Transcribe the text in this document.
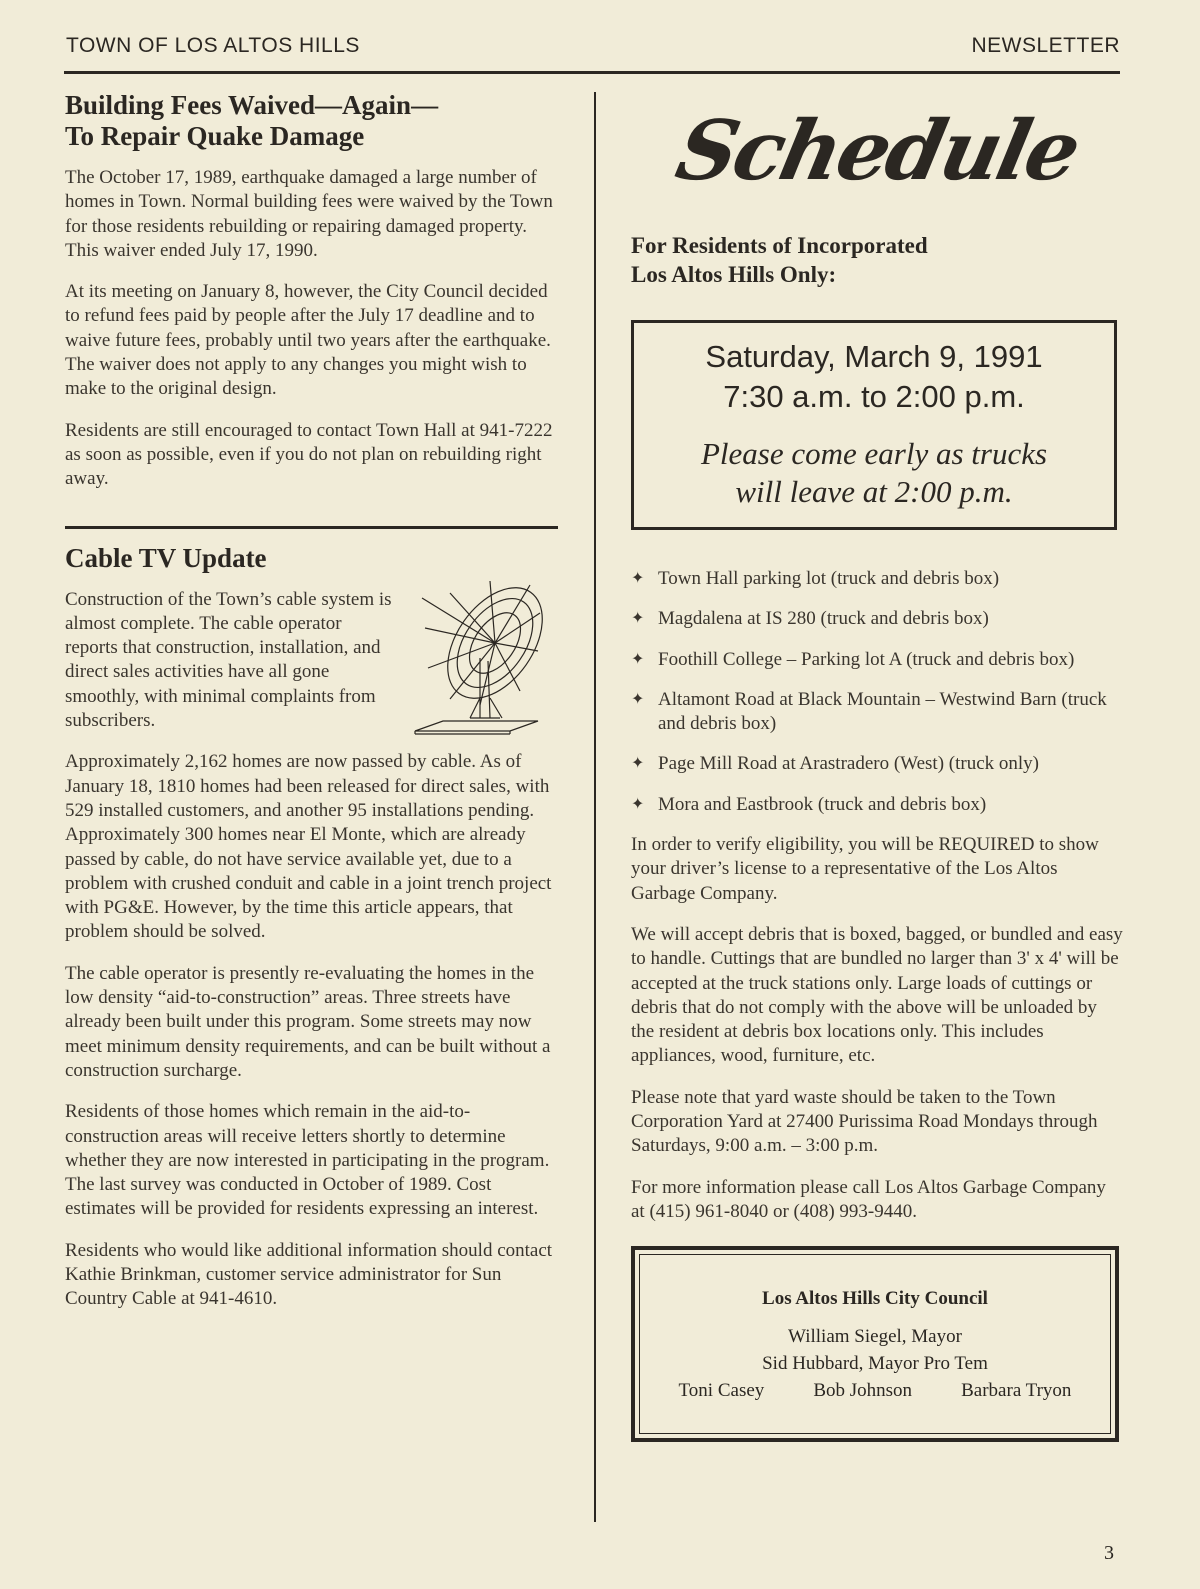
TOWN OF LOS ALTOS HILLS	NEWSLETTER
Building Fees Waived—Again—
To Repair Quake Damage

The October 17, 1989, earthquake damaged a large number of homes in Town. Normal building fees were waived by the Town for those residents rebuilding or repairing damaged property. This waiver ended July 17, 1990.

At its meeting on January 8, however, the City Council decided to refund fees paid by people after the July 17 deadline and to waive future fees, probably until two years after the earthquake. The waiver does not apply to any changes you might wish to make to the original design.

Residents are still encouraged to contact Town Hall at 941-7222 as soon as possible, even if you do not plan on rebuilding right away.

Cable TV Update

Construction of the Town’s cable system is almost complete. The cable operator reports that construction, installation, and direct sales activities have all gone smoothly, with minimal complaints from subscribers.

Approximately 2,162 homes are now passed by cable. As of January 18, 1810 homes had been released for direct sales, with 529 installed customers, and another 95 installations pending. Approximately 300 homes near El Monte, which are already passed by cable, do not have service available yet, due to a problem with crushed conduit and cable in a joint trench project with PG&E. However, by the time this article appears, that problem should be solved.

The cable operator is presently re-evaluating the homes in the low density “aid-to-construction” areas. Three streets have already been built under this program. Some streets may now meet minimum density requirements, and can be built without a construction surcharge.

Residents of those homes which remain in the aid-to-construction areas will receive letters shortly to determine whether they are now interested in participating in the program. The last survey was conducted in October of 1989. Cost estimates will be provided for residents expressing an interest.

Residents who would like additional information should contact Kathie Brinkman, customer service administrator for Sun Country Cable at 941-4610.

Schedule
For Residents of Incorporated
Los Altos Hills Only:
Saturday, March 9, 1991
7:30 a.m. to 2:00 p.m.
Please come early as trucks
will leave at 2:00 p.m.
✦ Town Hall parking lot (truck and debris box)
✦ Magdalena at IS 280 (truck and debris box)
✦ Foothill College – Parking lot A (truck and debris box)
✦ Altamont Road at Black Mountain – Westwind Barn (truck and debris box)
✦ Page Mill Road at Arastradero (West) (truck only)
✦ Mora and Eastbrook (truck and debris box)

In order to verify eligibility, you will be REQUIRED to show your driver’s license to a representative of the Los Altos Garbage Company.

We will accept debris that is boxed, bagged, or bundled and easy to handle. Cuttings that are bundled no larger than 3' x 4' will be accepted at the truck stations only. Large loads of cuttings or debris that do not comply with the above will be unloaded by the resident at debris box locations only. This includes appliances, wood, furniture, etc.

Please note that yard waste should be taken to the Town Corporation Yard at 27400 Purissima Road Mondays through Saturdays, 9:00 a.m. – 3:00 p.m.

For more information please call Los Altos Garbage Company at (415) 961-8040 or (408) 993-9440.

Los Altos Hills City Council
William Siegel, Mayor
Sid Hubbard, Mayor Pro Tem
Toni Casey	Bob Johnson	Barbara Tryon
3
